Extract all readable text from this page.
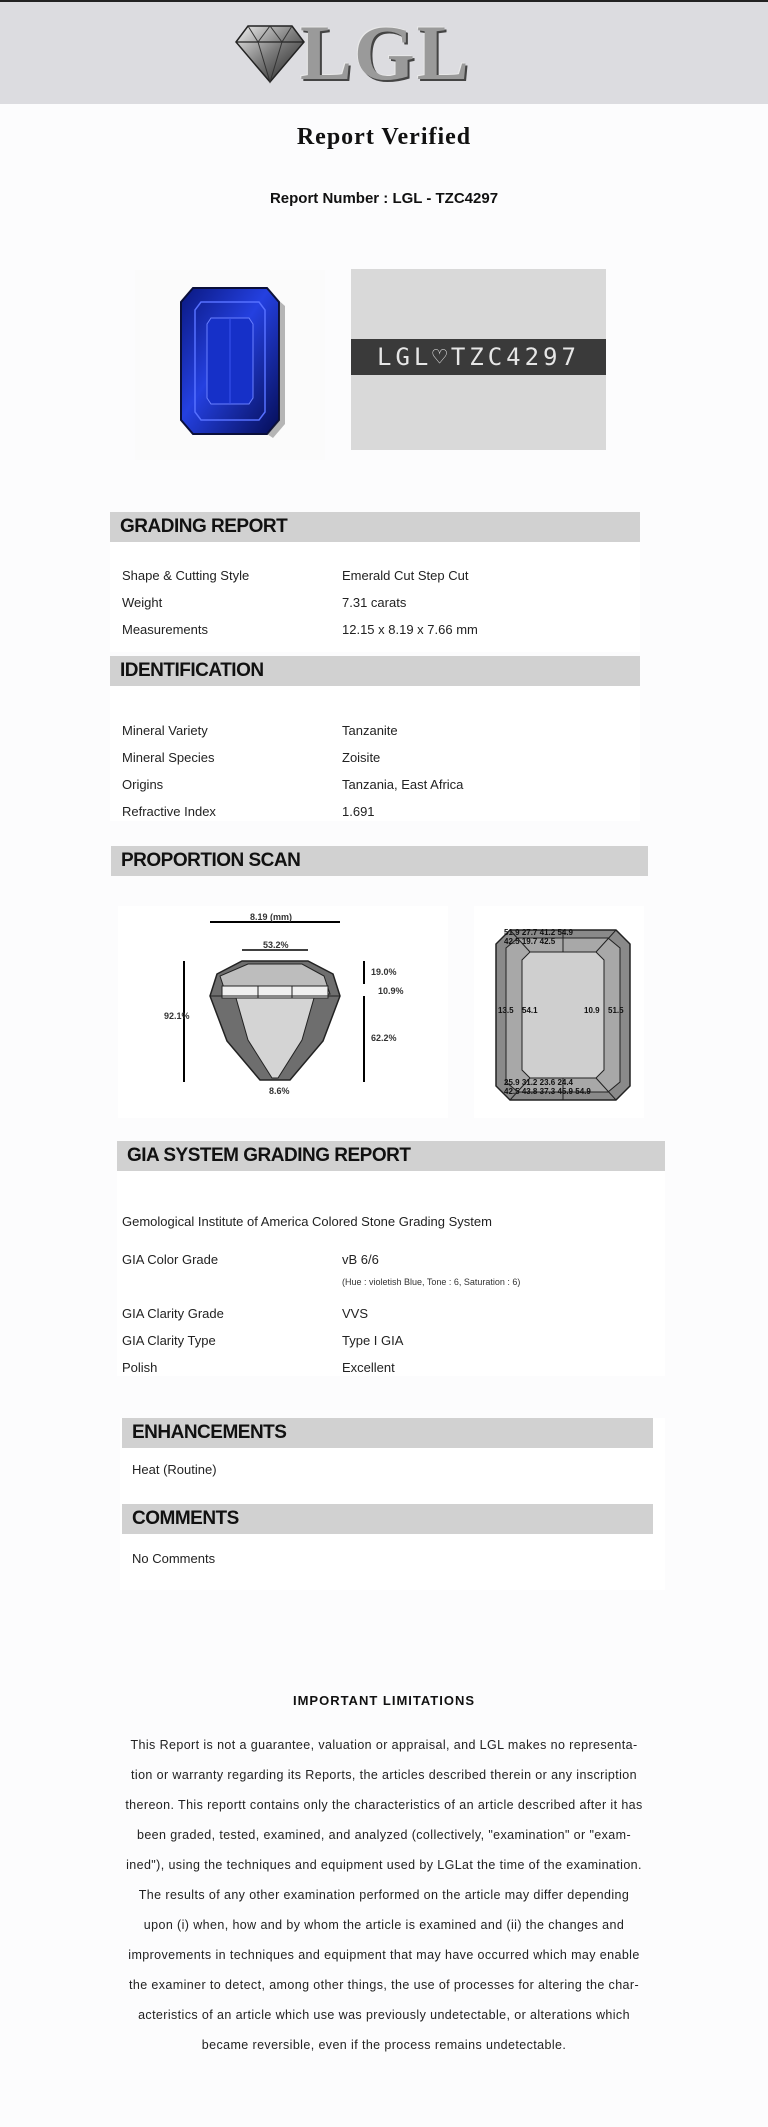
LGL
Report Verified
Report Number : LGL - TZC4297
LGL♡TZC4297
GRADING REPORT
Shape & Cutting Style	Emerald Cut Step Cut
Weight	7.31 carats
Measurements	12.15 x 8.19 x 7.66 mm
IDENTIFICATION
Mineral Variety	Tanzanite
Mineral Species	Zoisite
Origins	Tanzania, East Africa
Refractive Index	1.691
PROPORTION SCAN
8.19 (mm)
53.2%
19.0%
10.9%
92.1%
62.2%
8.6%
51.9 27.7 41.2 54.9
42.5 19.7 42.5
13.5 54.1	10.9 51.5
25.9 31.2 23.6 24.4
42.5 43.8 37.3 45.9 54.9
GIA SYSTEM GRADING REPORT
Gemological Institute of America Colored Stone Grading System
GIA Color Grade	vB 6/6
(Hue : violetish Blue, Tone : 6, Saturation : 6)
GIA Clarity Grade	VVS
GIA Clarity Type	Type I GIA
Polish	Excellent
ENHANCEMENTS
Heat (Routine)
COMMENTS
No Comments
IMPORTANT LIMITATIONS
This Report is not a guarantee, valuation or appraisal, and LGL makes no representa-
tion or warranty regarding its Reports, the articles described therein or any inscription
thereon. This reportt contains only the characteristics of an article described after it has
been graded, tested, examined, and analyzed (collectively, "examination" or "exam-
ined"), using the techniques and equipment used by LGLat the time of the examination.
The results of any other examination performed on the article may differ depending
upon (i) when, how and by whom the article is examined and (ii) the changes and
improvements in techniques and equipment that may have occurred which may enable
the examiner to detect, among other things, the use of processes for altering the char-
acteristics of an article which use was previously undetectable, or alterations which
became reversible, even if the process remains undetectable.
